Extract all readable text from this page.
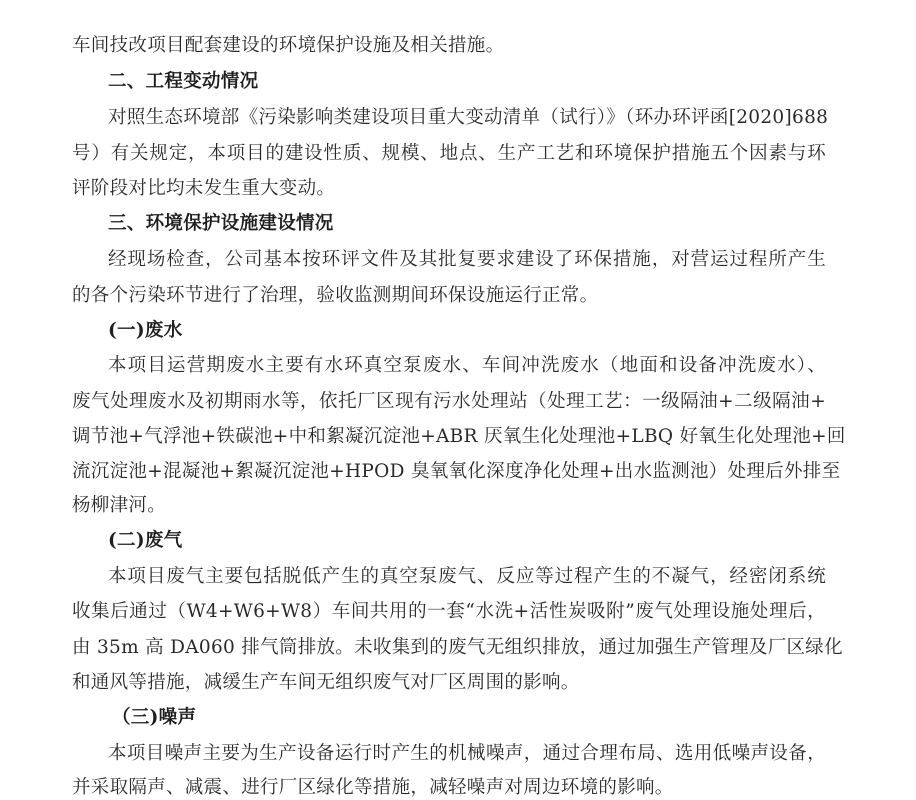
车间技改项目配套建设的环境保护设施及相关措施。
二、工程变动情况
对照生态环境部《污染影响类建设项目重大变动清单（试行）》（环办环评函[2020]688
号）有关规定，本项目的建设性质、规模、地点、生产工艺和环境保护措施五个因素与环
评阶段对比均未发生重大变动。
三、环境保护设施建设情况
经现场检查，公司基本按环评文件及其批复要求建设了环保措施，对营运过程所产生
的各个污染环节进行了治理，验收监测期间环保设施运行正常。
(一)废水
本项目运营期废水主要有水环真空泵废水、车间冲洗废水（地面和设备冲洗废水）、
废气处理废水及初期雨水等，依托厂区现有污水处理站（处理工艺：一级隔油+二级隔油+
调节池+气浮池+铁碳池+中和絮凝沉淀池+ABR 厌氧生化处理池+LBQ 好氧生化处理池+回
流沉淀池+混凝池+絮凝沉淀池+HPOD 臭氧氧化深度净化处理+出水监测池）处理后外排至
杨柳津河。
(二)废气
本项目废气主要包括脱低产生的真空泵废气、反应等过程产生的不凝气，经密闭系统
收集后通过（W4+W6+W8）车间共用的一套“水洗+活性炭吸附”废气处理设施处理后，
由 35m 高 DA060 排气筒排放。未收集到的废气无组织排放，通过加强生产管理及厂区绿化
和通风等措施，减缓生产车间无组织废气对厂区周围的影响。
（三)噪声
本项目噪声主要为生产设备运行时产生的机械噪声，通过合理布局、选用低噪声设备，
并采取隔声、减震、进行厂区绿化等措施，减轻噪声对周边环境的影响。
